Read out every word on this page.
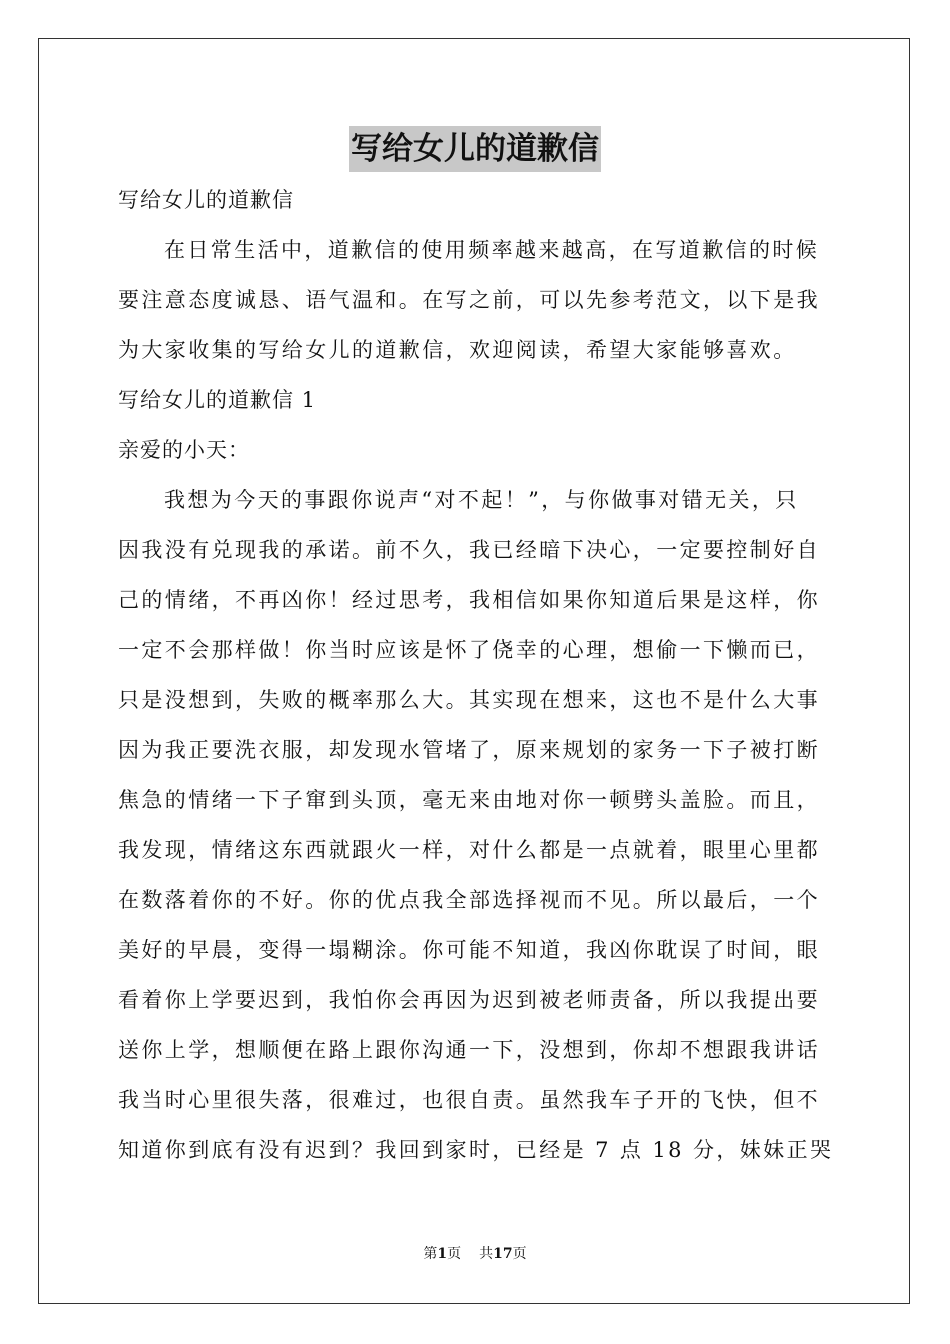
写给女儿的道歉信
写给女儿的道歉信
在日常生活中，道歉信的使用频率越来越高，在写道歉信的时候
要注意态度诚恳、语气温和。在写之前，可以先参考范文，以下是我
为大家收集的写给女儿的道歉信，欢迎阅读，希望大家能够喜欢。
写给女儿的道歉信 1
亲爱的小天：
我想为今天的事跟你说声“对不起！”，与你做事对错无关，只
因我没有兑现我的承诺。前不久，我已经暗下决心，一定要控制好自
己的情绪，不再凶你！经过思考，我相信如果你知道后果是这样，你
一定不会那样做！你当时应该是怀了侥幸的心理，想偷一下懒而已，
只是没想到，失败的概率那么大。其实现在想来，这也不是什么大事
因为我正要洗衣服，却发现水管堵了，原来规划的家务一下子被打断
焦急的情绪一下子窜到头顶，毫无来由地对你一顿劈头盖脸。而且，
我发现，情绪这东西就跟火一样，对什么都是一点就着，眼里心里都
在数落着你的不好。你的优点我全部选择视而不见。所以最后，一个
美好的早晨，变得一塌糊涂。你可能不知道，我凶你耽误了时间，眼
看着你上学要迟到，我怕你会再因为迟到被老师责备，所以我提出要
送你上学，想顺便在路上跟你沟通一下，没想到，你却不想跟我讲话
我当时心里很失落，很难过，也很自责。虽然我车子开的飞快，但不
知道你到底有没有迟到？我回到家时，已经是 7 点 18 分，妹妹正哭
第1页 共17页
